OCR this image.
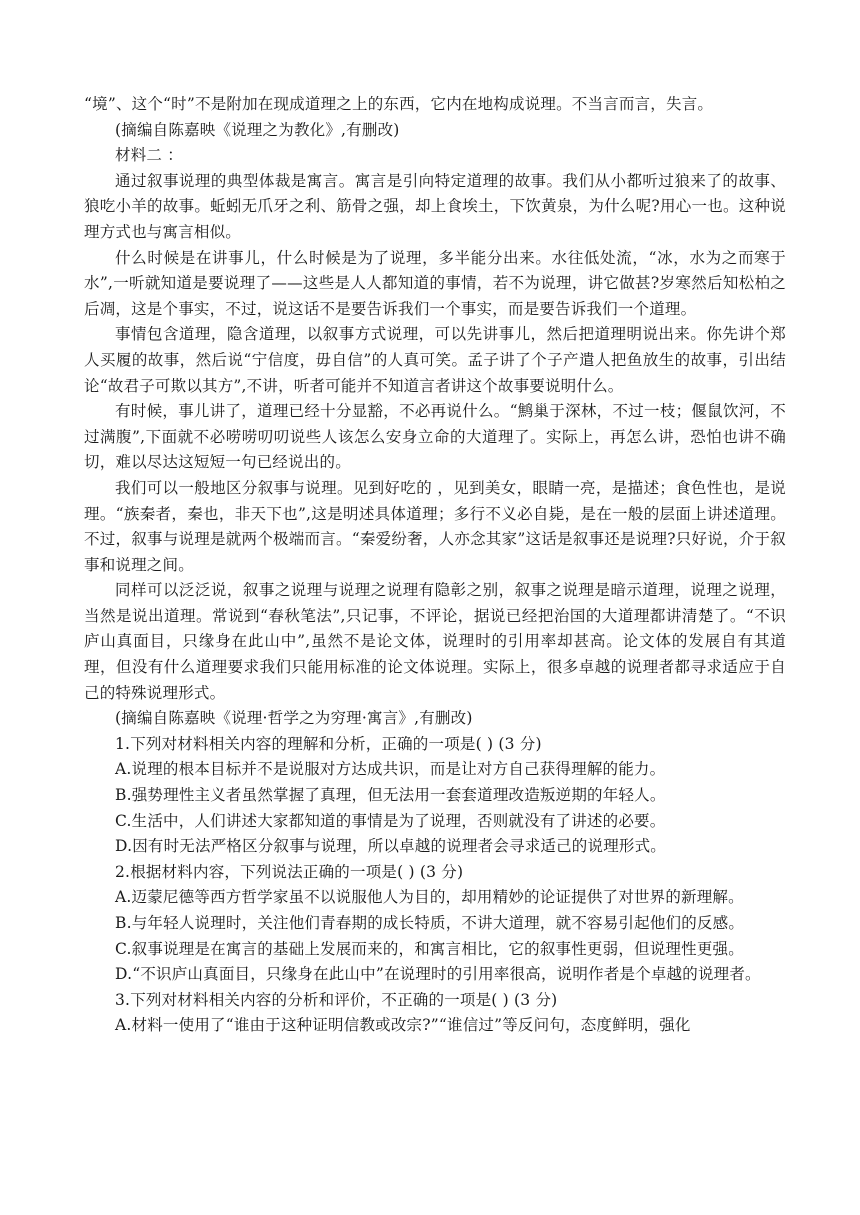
“境”、这个“时”不是附加在现成道理之上的东西，它内在地构成说理。不当言而言，失言。

(摘编自陈嘉映《说理之为教化》,有删改)

材料二 ：

通过叙事说理的典型体裁是寓言。寓言是引向特定道理的故事。我们从小都听过狼来了的故事、狼吃小羊的故事。蚯蚓无爪牙之利、筋骨之强，却上食埃土，下饮黄泉，为什么呢?用心一也。这种说理方式也与寓言相似。

什么时候是在讲事儿，什么时候是为了说理，多半能分出来。水往低处流，“冰，水为之而寒于水”,一听就知道是要说理了——这些是人人都知道的事情，若不为说理，讲它做甚?岁寒然后知松柏之后凋，这是个事实，不过，说这话不是要告诉我们一个事实，而是要告诉我们一个道理。

事情包含道理，隐含道理，以叙事方式说理，可以先讲事儿，然后把道理明说出来。你先讲个郑人买履的故事，然后说“宁信度，毋自信”的人真可笑。孟子讲了个子产遣人把鱼放生的故事，引出结论“故君子可欺以其方”,不讲，听者可能并不知道言者讲这个故事要说明什么。

有时候，事儿讲了，道理已经十分显豁，不必再说什么。“鹪巢于深林，不过一枝；偃鼠饮河，不过满腹”,下面就不必唠唠叨叨说些人该怎么安身立命的大道理了。实际上，再怎么讲，恐怕也讲不确切，难以尽达这短短一句已经说出的。

我们可以一般地区分叙事与说理。见到好吃的 ，见到美女，眼睛一亮，是描述；食色性也，是说理。“族秦者，秦也，非天下也”,这是明述具体道理；多行不义必自毙，是在一般的层面上讲述道理。不过，叙事与说理是就两个极端而言。“秦爱纷奢，人亦念其家”这话是叙事还是说理?只好说，介于叙事和说理之间。

同样可以泛泛说，叙事之说理与说理之说理有隐彰之别，叙事之说理是暗示道理，说理之说理，当然是说出道理。常说到“春秋笔法”,只记事，不评论，据说已经把治国的大道理都讲清楚了。“不识庐山真面目，只缘身在此山中”,虽然不是论文体，说理时的引用率却甚高。论文体的发展自有其道理，但没有什么道理要求我们只能用标准的论文体说理。实际上，很多卓越的说理者都寻求适应于自己的特殊说理形式。

(摘编自陈嘉映《说理·哲学之为穷理·寓言》,有删改)

1.下列对材料相关内容的理解和分析，正确的一项是( ) (3 分)

A.说理的根本目标并不是说服对方达成共识，而是让对方自己获得理解的能力。

B.强势理性主义者虽然掌握了真理，但无法用一套套道理改造叛逆期的年轻人。

C.生活中，人们讲述大家都知道的事情是为了说理，否则就没有了讲述的必要。

D.因有时无法严格区分叙事与说理，所以卓越的说理者会寻求适己的说理形式。

2.根据材料内容，下列说法正确的一项是( ) (3 分)

A.迈蒙尼德等西方哲学家虽不以说服他人为目的，却用精妙的论证提供了对世界的新理解。

B.与年轻人说理时，关注他们青春期的成长特质，不讲大道理，就不容易引起他们的反感。

C.叙事说理是在寓言的基础上发展而来的，和寓言相比，它的叙事性更弱，但说理性更强。

D.“不识庐山真面目，只缘身在此山中”在说理时的引用率很高，说明作者是个卓越的说理者。

3.下列对材料相关内容的分析和评价，不正确的一项是( ) (3 分)

A.材料一使用了“谁由于这种证明信教或改宗?”“谁信过”等反问句，态度鲜明，强化
